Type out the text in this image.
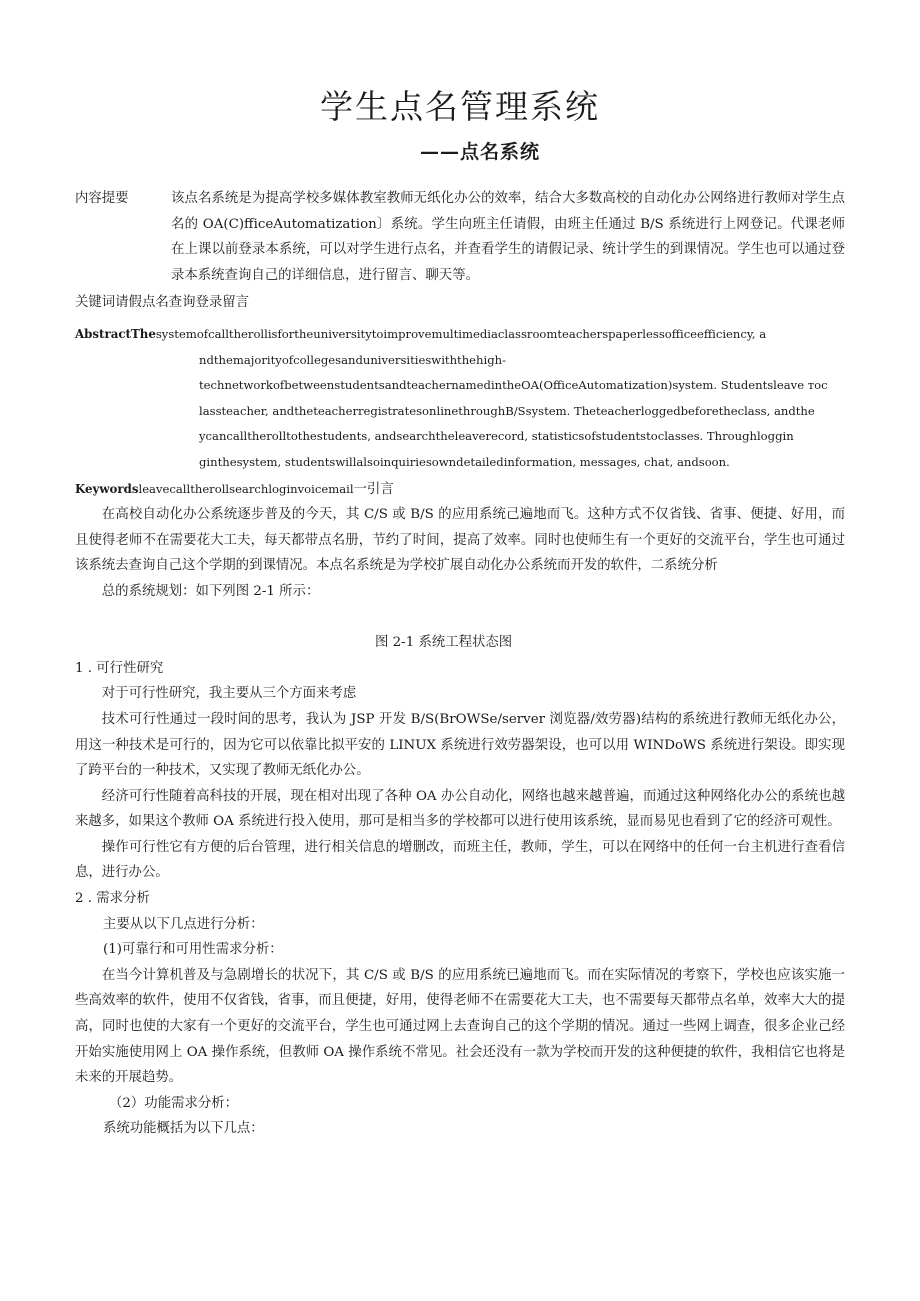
学生点名管理系统
——点名系统
内容提要	该点名系统是为提高学校多媒体教室教师无纸化办公的效率，结合大多数高校的自动化办公网络进行教师对学生点名的 OA(C)fficeAutomatization〕系统。学生向班主任请假，由班主任通过 B/S 系统进行上网登记。代课老师在上课以前登录本系统，可以对学生进行点名，并查看学生的请假记录、统计学生的到课情况。学生也可以通过登录本系统查询自己的详细信息，进行留言、聊天等。
关键词请假点名查询登录留言
AbstractThesystemofcalltherollisfortheuniversitytoimprovemultimediaclassroomteacherspaperlessofficeefficiency, a
ndthemajorityofcollegesanduniversitieswiththehigh-
technetworkofbetweenstudentsandteachernamedintheOA(OfficeAutomatization)system. Studentsleave ᴛoc
lassteacher, andtheteacherregistratesonlinethroughB/Ssystem. Theteacherloggedbeforetheclass, andthe
ycancalltherolltothestudents, andsearchtheleaverecord, statisticsofstudentstoclasses. Throughloggin
ginthesystem, studentswillalsoinquiriesowndetailedinformation, messages, chat, andsoon.
Keywordsleavecalltherollsearchloginvoicemail一引言

在高校自动化办公系统逐步普及的今天，其 C/S 或 B/S 的应用系统己遍地而飞。这种方式不仅省钱、省事、便捷、好用，而且使得老师不在需要花大工夫，每天都带点名册，节约了时间，提高了效率。同时也使师生有一个更好的交流平台，学生也可通过该系统去查询自己这个学期的到课情况。本点名系统是为学校扩展自动化办公系统而开发的软件，二系统分析

总的系统规划：如下列图 2-1 所示：

图 2-1 系统工程状态图

1 . 可行性研究

对于可行性研究，我主要从三个方面来考虑

技术可行性通过一段时间的思考，我认为 JSP 开发 B/S(BrOWSe/server 浏览器/效劳器)结构的系统进行教师无纸化办公，用这一种技术是可行的，因为它可以依靠比拟平安的 LINUX 系统进行效劳器架设，也可以用 WINDoWS 系统进行架设。即实现了跨平台的一种技术，又实现了教师无纸化办公。

经济可行性随着高科技的开展，现在相对出现了各种 OA 办公自动化，网络也越来越普遍，而通过这种网络化办公的系统也越来越多，如果这个教师 OA 系统进行投入使用，那可是相当多的学校都可以进行使用该系统，显而易见也看到了它的经济可观性。

操作可行性它有方便的后台管理，进行相关信息的增删改，而班主任，教师，学生，可以在网络中的任何一台主机进行查看信息，进行办公。

2 . 需求分析

主要从以下几点进行分析：

(1)可靠行和可用性需求分析：

在当今计算机普及与急剧增长的状况下，其 C/S 或 B/S 的应用系统已遍地而飞。而在实际情况的考察下，学校也应该实施一些高效率的软件，使用不仅省钱，省事，而且便捷，好用，使得老师不在需要花大工夫，也不需要每天都带点名单，效率大大的提高，同时也使的大家有一个更好的交流平台，学生也可通过网上去查询自己的这个学期的情况。通过一些网上调查，很多企业己经开始实施使用网上 OA 操作系统，但教师 OA 操作系统不常见。社会还没有一款为学校而开发的这种便捷的软件，我相信它也将是未来的开展趋势。

（2）功能需求分析：

系统功能概括为以下几点：
